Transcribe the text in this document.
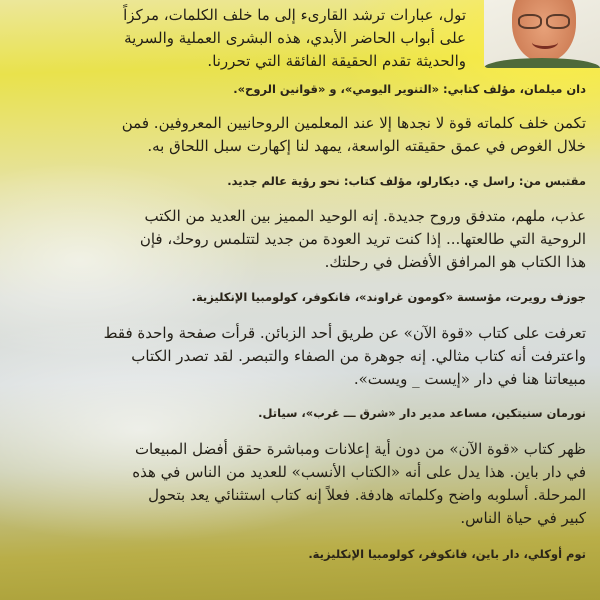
تول، عبارات ترشد القارىء إلى ما خلف الكلمات، مركزاً
على أبواب الحاضر الأبدي، هذه البشرى العملية والسرية
والحديثة تقدم الحقيقة الفائقة التي تحررنا.

دان ميلمان، مؤلف كتابي: «التنوير اليومي»، و «قوانين الروح».

تكمن خلف كلماته قوة لا نجدها إلا عند المعلمين الروحانيين المعروفين. فمن
خلال الغوص في عمق حقيقته الواسعة، يمهد لنا إكهارت سبل اللحاق به.

مقتبس من: راسل ي. ديكارلو، مؤلف كتاب: نحو رؤية عالم جديد.

عذب، ملهم، متدفق وروح جديدة. إنه الوحيد المميز بين العديد من الكتب
الروحية التي طالعتها... إذا كنت تريد العودة من جديد لتتلمس روحك، فإن
هذا الكتاب هو المرافق الأفضل في رحلتك.

جوزف رويرت، مؤسسة «كومون غراوند»، فانكوفر، كولومبيا الإنكليزية.

تعرفت على كتاب «قوة الآن» عن طريق أحد الزبائن. قرأت صفحة واحدة فقط
واعترفت أنه كتاب مثالي. إنه جوهرة من الصفاء والتبصر. لقد تصدر الكتاب
مبيعاتنا هنا في دار «إيست _ ويست».

نورمان سنيتكين، مساعد مدير دار «شرق ـــ غرب»، سياتل.

ظهر كتاب «قوة الآن» من دون أية إعلانات ومباشرة حقق أفضل المبيعات
في دار باين. هذا يدل على أنه «الكتاب الأنسب» للعديد من الناس في هذه
المرحلة. أسلوبه واضح وكلماته هادفة. فعلاً إنه كتاب استثنائي يعد بتحول
كبير في حياة الناس.

توم أوكلي، دار باين، فانكوفر، كولومبيا الإنكليزية.
